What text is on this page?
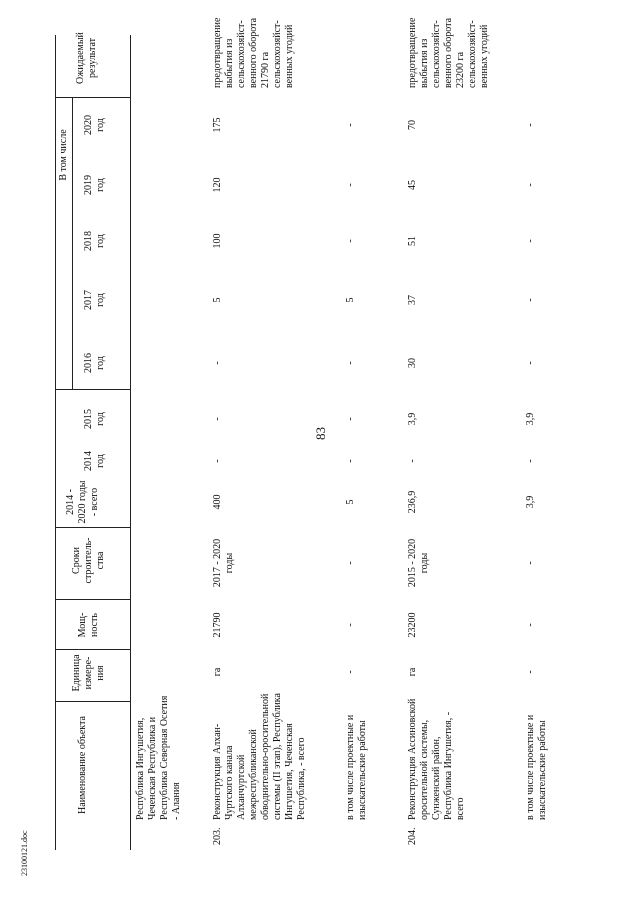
83
23100121.doc
Наименование объекта
Единица измере-ния
Мощ-ность
Сроки строитель-ства
2014 - 2020 годы - всего
В том числе
2014 год
2015 год
2016 год
2017 год
2018 год
2019 год
2020 год
Ожидаемый результат
Республика Ингушетия, Чеченская Республика и Республика Северная Осетия - Алания
203.
Реконструкция Алхан-Чуртского канала Алханчуртской межреспубликанской обводнительно-оросительной системы (II этап), Республика Ингушетия, Чеченская Республика, - всего
га
21790
2017 - 2020 годы
400
-
-
-
5
100
120
175
предотвращение выбытия из сельскохозяйст-венного оборота 21790 га сельскохозяйст-венных угодий
в том числе проектные и изыскательские работы
-
-
-
5
-
-
-
5
-
-
-
204.
Реконструкция Ассиновской оросительной системы, Сунженский район, Республика Ингушетия, - всего
га
23200
2015 - 2020 годы
236,9
-
3,9
30
37
51
45
70
предотвращение выбытия из сельскохозяйст-венного оборота 23200 га сельскохозяйст-венных угодий
в том числе проектные и изыскательские работы
-
-
-
3,9
-
3,9
-
-
-
-
-
